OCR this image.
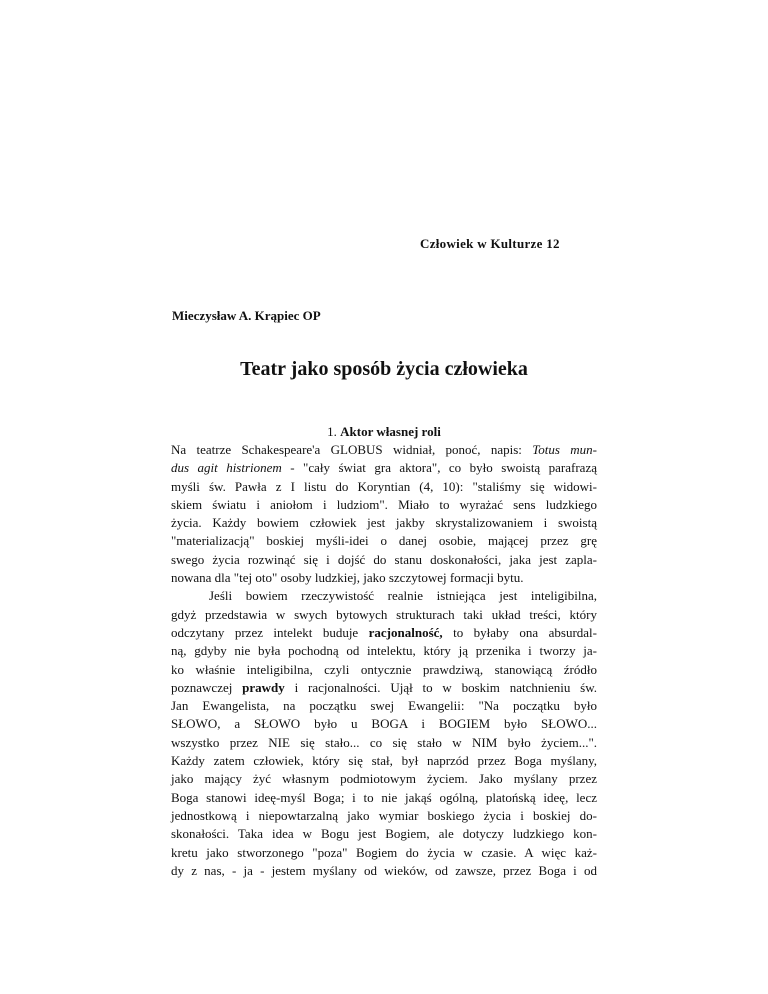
Człowiek w Kulturze 12
Mieczysław A. Krąpiec OP
Teatr jako sposób życia człowieka
1. Aktor własnej roli
Na teatrze Schakespeare'a GLOBUS widniał, ponoć, napis: Totus mun-
dus agit histrionem - "cały świat gra aktora", co było swoistą parafrazą
myśli św. Pawła z I listu do Koryntian (4, 10): "staliśmy się widowi-
skiem światu i aniołom i ludziom". Miało to wyrażać sens ludzkiego
życia. Każdy bowiem człowiek jest jakby skrystalizowaniem i swoistą
"materializacją" boskiej myśli-idei o danej osobie, mającej przez grę
swego życia rozwinąć się i dojść do stanu doskonałości, jaka jest zapla-
nowana dla "tej oto" osoby ludzkiej, jako szczytowej formacji bytu.
Jeśli bowiem rzeczywistość realnie istniejąca jest inteligibilna,
gdyż przedstawia w swych bytowych strukturach taki układ treści, który
odczytany przez intelekt buduje racjonalność, to byłaby ona absurdal-
ną, gdyby nie była pochodną od intelektu, który ją przenika i tworzy ja-
ko właśnie inteligibilna, czyli ontycznie prawdziwą, stanowiącą źródło
poznawczej prawdy i racjonalności. Ujął to w boskim natchnieniu św.
Jan Ewangelista, na początku swej Ewangelii: "Na początku było
SŁOWO, a SŁOWO było u BOGA i BOGIEM było SŁOWO...
wszystko przez NIE się stało... co się stało w NIM było życiem...".
Każdy zatem człowiek, który się stał, był naprzód przez Boga myślany,
jako mający żyć własnym podmiotowym życiem. Jako myślany przez
Boga stanowi ideę-myśl Boga; i to nie jakąś ogólną, platońską ideę, lecz
jednostkową i niepowtarzalną jako wymiar boskiego życia i boskiej do-
skonałości. Taka idea w Bogu jest Bogiem, ale dotyczy ludzkiego kon-
kretu jako stworzonego "poza" Bogiem do życia w czasie. A więc każ-
dy z nas, - ja - jestem myślany od wieków, od zawsze, przez Boga i od
